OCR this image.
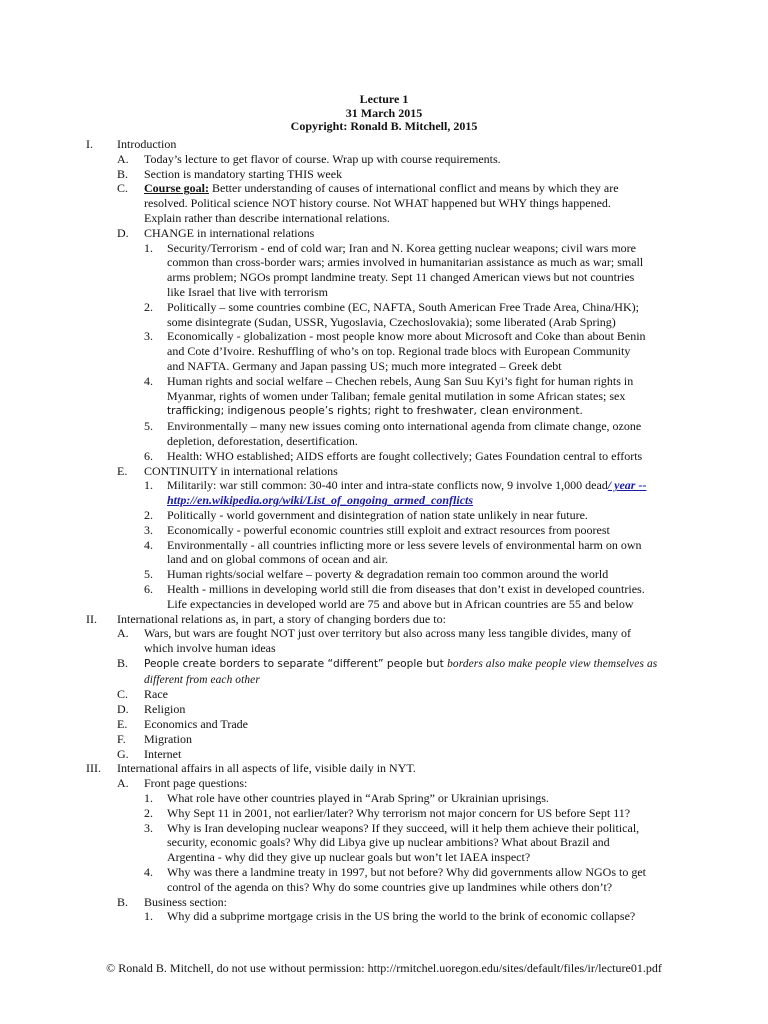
Lecture 1
31 March 2015
Copyright: Ronald B. Mitchell, 2015
I. Introduction
A. Today’s lecture to get flavor of course. Wrap up with course requirements.
B. Section is mandatory starting THIS week
C. Course goal: Better understanding of causes of international conflict and means by which they are
resolved. Political science NOT history course. Not WHAT happened but WHY things happened.
Explain rather than describe international relations.
D. CHANGE in international relations
1. Security/Terrorism - end of cold war; Iran and N. Korea getting nuclear weapons; civil wars more
common than cross-border wars; armies involved in humanitarian assistance as much as war; small
arms problem; NGOs prompt landmine treaty. Sept 11 changed American views but not countries
like Israel that live with terrorism
2. Politically – some countries combine (EC, NAFTA, South American Free Trade Area, China/HK);
some disintegrate (Sudan, USSR, Yugoslavia, Czechoslovakia); some liberated (Arab Spring)
3. Economically - globalization - most people know more about Microsoft and Coke than about Benin
and Cote d’Ivoire. Reshuffling of who’s on top. Regional trade blocs with European Community
and NAFTA. Germany and Japan passing US; much more integrated – Greek debt
4. Human rights and social welfare – Chechen rebels, Aung San Suu Kyi’s fight for human rights in
Myanmar, rights of women under Taliban; female genital mutilation in some African states; sex
trafficking; indigenous people’s rights; right to freshwater, clean environment.
5. Environmentally – many new issues coming onto international agenda from climate change, ozone
depletion, deforestation, desertification.
6. Health: WHO established; AIDS efforts are fought collectively; Gates Foundation central to efforts
E. CONTINUITY in international relations
1. Militarily: war still common: 30-40 inter and intra-state conflicts now, 9 involve 1,000 dead/ year --
http://en.wikipedia.org/wiki/List_of_ongoing_armed_conflicts
2. Politically - world government and disintegration of nation state unlikely in near future.
3. Economically - powerful economic countries still exploit and extract resources from poorest
4. Environmentally - all countries inflicting more or less severe levels of environmental harm on own
land and on global commons of ocean and air.
5. Human rights/social welfare – poverty & degradation remain too common around the world
6. Health - millions in developing world still die from diseases that don’t exist in developed countries.
Life expectancies in developed world are 75 and above but in African countries are 55 and below
II. International relations as, in part, a story of changing borders due to:
A. Wars, but wars are fought NOT just over territory but also across many less tangible divides, many of
which involve human ideas
B. People create borders to separate “different” people but borders also make people view themselves as
different from each other
C. Race
D. Religion
E. Economics and Trade
F. Migration
G. Internet
III. International affairs in all aspects of life, visible daily in NYT.
A. Front page questions:
1. What role have other countries played in “Arab Spring” or Ukrainian uprisings.
2. Why Sept 11 in 2001, not earlier/later? Why terrorism not major concern for US before Sept 11?
3. Why is Iran developing nuclear weapons? If they succeed, will it help them achieve their political,
security, economic goals? Why did Libya give up nuclear ambitions? What about Brazil and
Argentina - why did they give up nuclear goals but won’t let IAEA inspect?
4. Why was there a landmine treaty in 1997, but not before? Why did governments allow NGOs to get
control of the agenda on this? Why do some countries give up landmines while others don’t?
B. Business section:
1. Why did a subprime mortgage crisis in the US bring the world to the brink of economic collapse?
© Ronald B. Mitchell, do not use without permission: http://rmitchel.uoregon.edu/sites/default/files/ir/lecture01.pdf
